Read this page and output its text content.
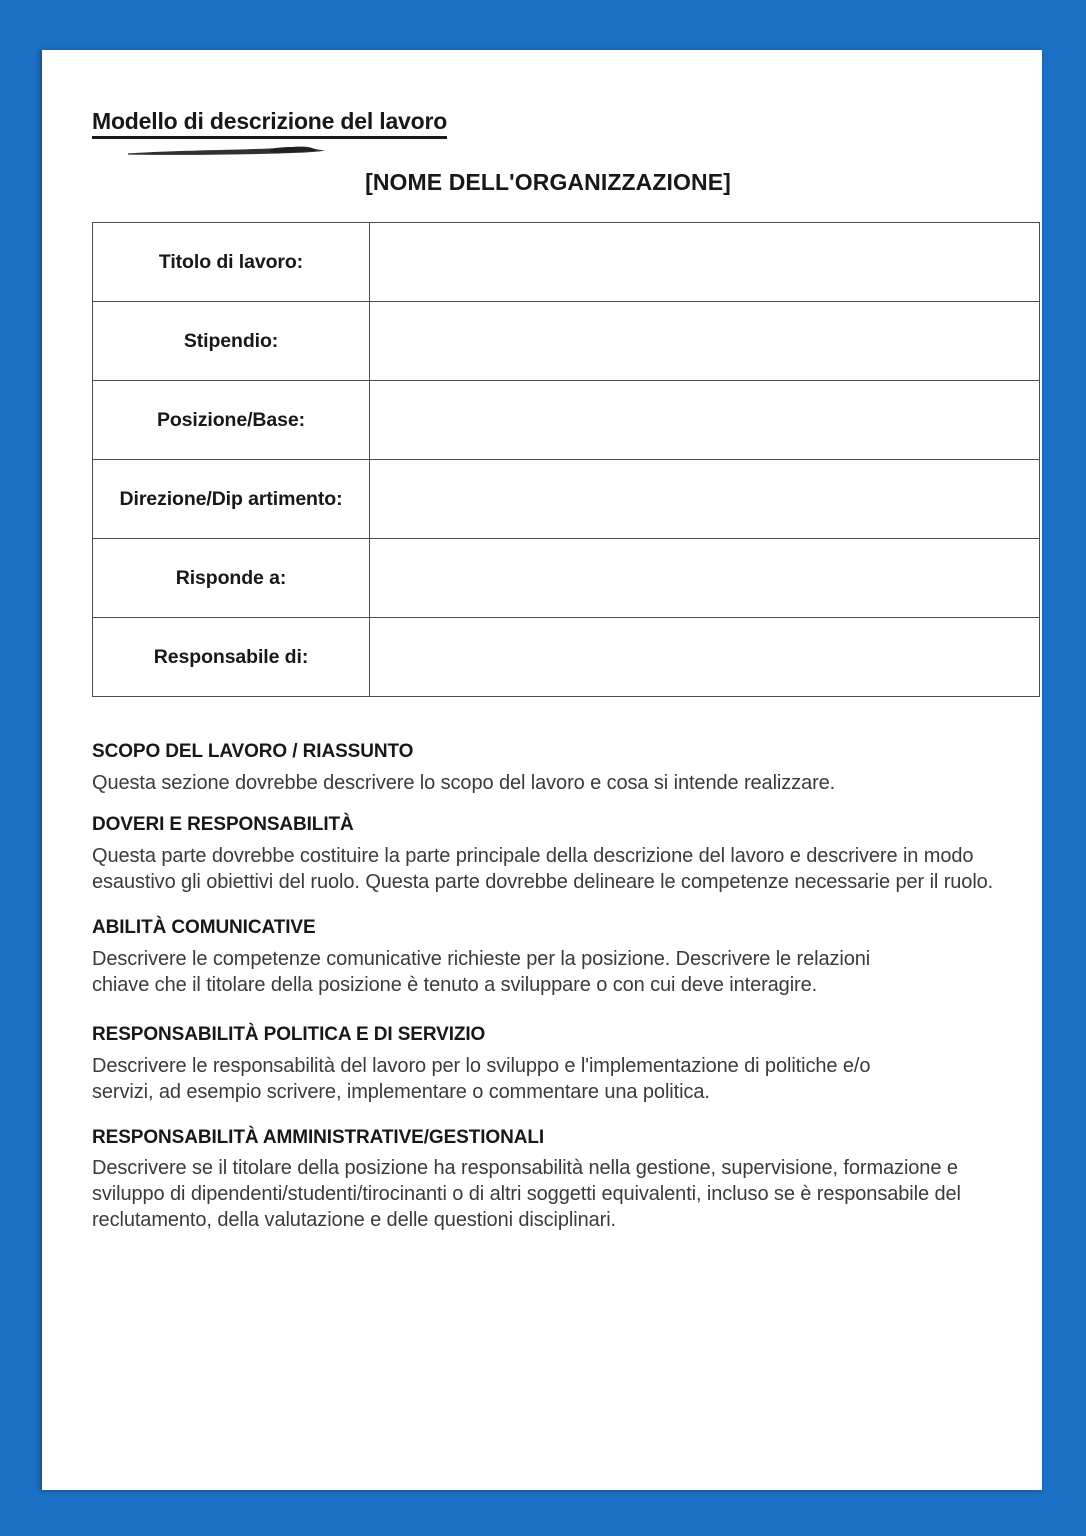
Modello di descrizione del lavoro
[NOME DELL'ORGANIZZAZIONE]
Titolo di lavoro:	
Stipendio:	
Posizione/Base:	
Direzione/Dip artimento:	
Risponde a:	
Responsabile di:	
SCOPO DEL LAVORO / RIASSUNTO
Questa sezione dovrebbe descrivere lo scopo del lavoro e cosa si intende realizzare.
DOVERI E RESPONSABILITÀ
Questa parte dovrebbe costituire la parte principale della descrizione del lavoro e descrivere in modo esaustivo gli obiettivi del ruolo. Questa parte dovrebbe delineare le competenze necessarie per il ruolo.
ABILITÀ COMUNICATIVE
Descrivere le competenze comunicative richieste per la posizione. Descrivere le relazioni chiave che il titolare della posizione è tenuto a sviluppare o con cui deve interagire.
RESPONSABILITÀ POLITICA E DI SERVIZIO
Descrivere le responsabilità del lavoro per lo sviluppo e l'implementazione di politiche e/o servizi, ad esempio scrivere, implementare o commentare una politica.
RESPONSABILITÀ AMMINISTRATIVE/GESTIONALI
Descrivere se il titolare della posizione ha responsabilità nella gestione, supervisione, formazione e sviluppo di dipendenti/studenti/tirocinanti o di altri soggetti equivalenti, incluso se è responsabile del reclutamento, della valutazione e delle questioni disciplinari.
